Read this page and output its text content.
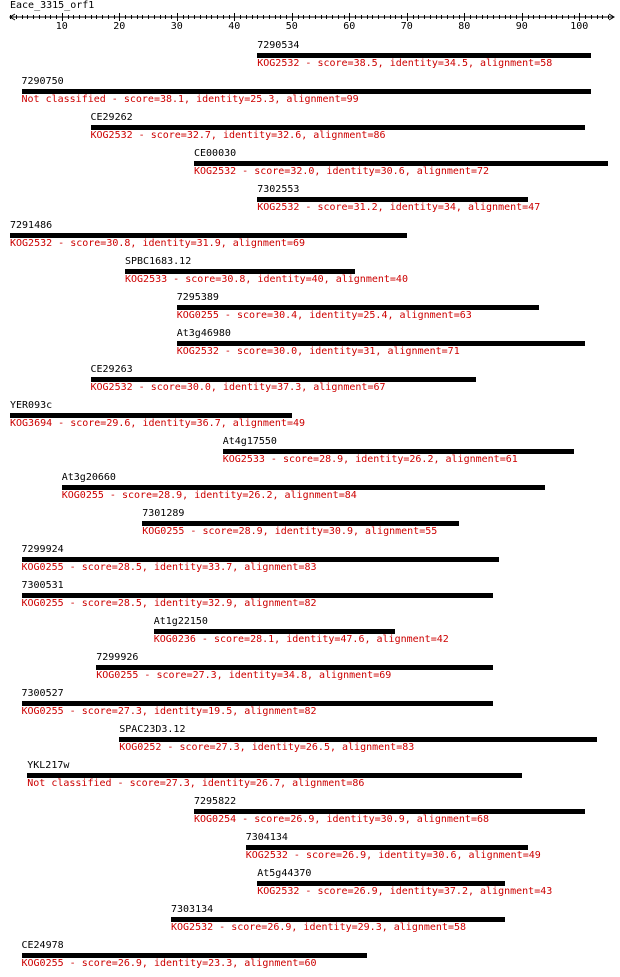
Eace_3315_orf1
10	20	30	40	50	60	70	80	90	100
7290534
KOG2532 - score=38.5, identity=34.5, alignment=58
7290750
Not classified - score=38.1, identity=25.3, alignment=99
CE29262
KOG2532 - score=32.7, identity=32.6, alignment=86
CE00030
KOG2532 - score=32.0, identity=30.6, alignment=72
7302553
KOG2532 - score=31.2, identity=34, alignment=47
7291486
KOG2532 - score=30.8, identity=31.9, alignment=69
SPBC1683.12
KOG2533 - score=30.8, identity=40, alignment=40
7295389
KOG0255 - score=30.4, identity=25.4, alignment=63
At3g46980
KOG2532 - score=30.0, identity=31, alignment=71
CE29263
KOG2532 - score=30.0, identity=37.3, alignment=67
YER093c
KOG3694 - score=29.6, identity=36.7, alignment=49
At4g17550
KOG2533 - score=28.9, identity=26.2, alignment=61
At3g20660
KOG0255 - score=28.9, identity=26.2, alignment=84
7301289
KOG0255 - score=28.9, identity=30.9, alignment=55
7299924
KOG0255 - score=28.5, identity=33.7, alignment=83
7300531
KOG0255 - score=28.5, identity=32.9, alignment=82
At1g22150
KOG0236 - score=28.1, identity=47.6, alignment=42
7299926
KOG0255 - score=27.3, identity=34.8, alignment=69
7300527
KOG0255 - score=27.3, identity=19.5, alignment=82
SPAC23D3.12
KOG0252 - score=27.3, identity=26.5, alignment=83
YKL217w
Not classified - score=27.3, identity=26.7, alignment=86
7295822
KOG0254 - score=26.9, identity=30.9, alignment=68
7304134
KOG2532 - score=26.9, identity=30.6, alignment=49
At5g44370
KOG2532 - score=26.9, identity=37.2, alignment=43
7303134
KOG2532 - score=26.9, identity=29.3, alignment=58
CE24978
KOG0255 - score=26.9, identity=23.3, alignment=60
